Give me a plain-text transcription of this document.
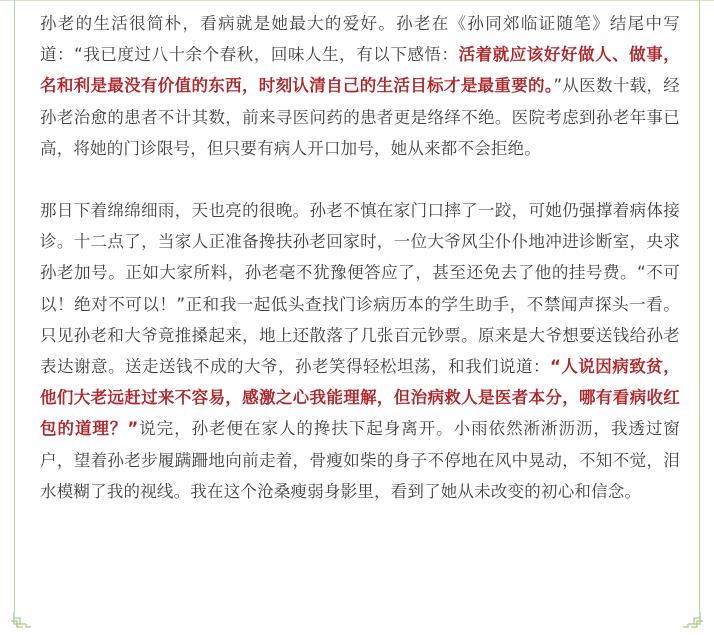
孙老的生活很简朴，看病就是她最大的爱好。孙老在《孙同郊临证随笔》结尾中写道：“我已度过八十余个春秋，回味人生，有以下感悟：活着就应该好好做人、做事，名和利是最没有价值的东西，时刻认清自己的生活目标才是最重要的。”从医数十载，经孙老治愈的患者不计其数，前来寻医问药的患者更是络绎不绝。医院考虑到孙老年事已高，将她的门诊限号，但只要有病人开口加号，她从来都不会拒绝。

那日下着绵绵细雨，天也亮的很晚。孙老不慎在家门口摔了一跤，可她仍强撑着病体接诊。十二点了，当家人正准备搀扶孙老回家时，一位大爷风尘仆仆地冲进诊断室，央求孙老加号。正如大家所料，孙老毫不犹豫便答应了，甚至还免去了他的挂号费。“不可以！绝对不可以！”正和我一起低头查找门诊病历本的学生助手，不禁闻声探头一看。只见孙老和大爷竟推搡起来，地上还散落了几张百元钞票。原来是大爷想要送钱给孙老表达谢意。送走送钱不成的大爷，孙老笑得轻松坦荡，和我们说道：“人说因病致贫，他们大老远赶过来不容易，感激之心我能理解，但治病救人是医者本分，哪有看病收红包的道理？”说完，孙老便在家人的搀扶下起身离开。小雨依然淅淅沥沥，我透过窗户，望着孙老步履蹒跚地向前走着，骨瘦如柴的身子不停地在风中晃动，不知不觉，泪水模糊了我的视线。我在这个沧桑瘦弱身影里，看到了她从未改变的初心和信念。
